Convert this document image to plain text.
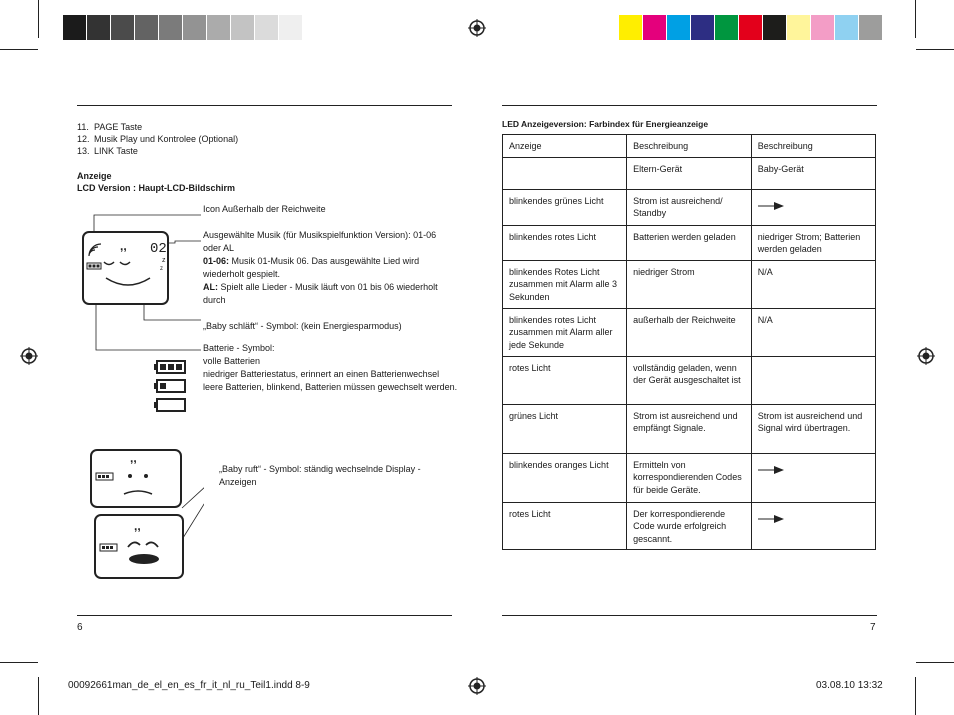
11. PAGE Taste
12. Musik Play und Kontrolee (Optional)
13. LINK Taste
Anzeige
LCD Version : Haupt-LCD-Bildschirm
,, 02
z
z
,,
,,
Icon Außerhalb der Reichweite
Ausgewählte Musik (für Musikspielfunktion Version): 01-06 oder AL
01-06: Musik 01-Musik 06. Das ausgewählte Lied wird wiederholt gespielt.
AL: Spielt alle Lieder - Musik läuft von 01 bis 06 wiederholt durch
„Baby schläft“ - Symbol: (kein Energiesparmodus)
Batterie - Symbol:
volle Batterien
niedriger Batteriestatus, erinnert an einen Batterienwechsel
leere Batterien, blinkend, Batterien müssen gewechselt werden.
„Baby ruft“ - Symbol: ständig wechselnde Display - Anzeigen
LED Anzeigeversion: Farbindex für Energieanzeige
Anzeige	Beschreibung	Beschreibung
	Eltern-Gerät	Baby-Gerät
blinkendes grünes Licht	Strom ist ausreichend/ Standby	
blinkendes rotes Licht	Batterien werden geladen	niedriger Strom; Batterien werden geladen
blinkendes Rotes Licht zusammen mit Alarm alle 3 Sekunden	niedriger Strom	N/A
blinkendes rotes Licht zusammen mit Alarm aller jede Sekunde	außerhalb der Reichweite	N/A
rotes Licht	vollständig geladen, wenn der Gerät ausgeschaltet ist	
grünes Licht	Strom ist ausreichend und empfängt Signale.	Strom ist ausreichend und Signal wird übertragen.
blinkendes oranges Licht	Ermitteln von korrespondierenden Codes für beide Geräte.	
rotes Licht	Der korrespondierende Code wurde erfolgreich gescannt.	
6	7
00092661man_de_el_en_es_fr_it_nl_ru_Teil1.indd 8-9	03.08.10 13:32
